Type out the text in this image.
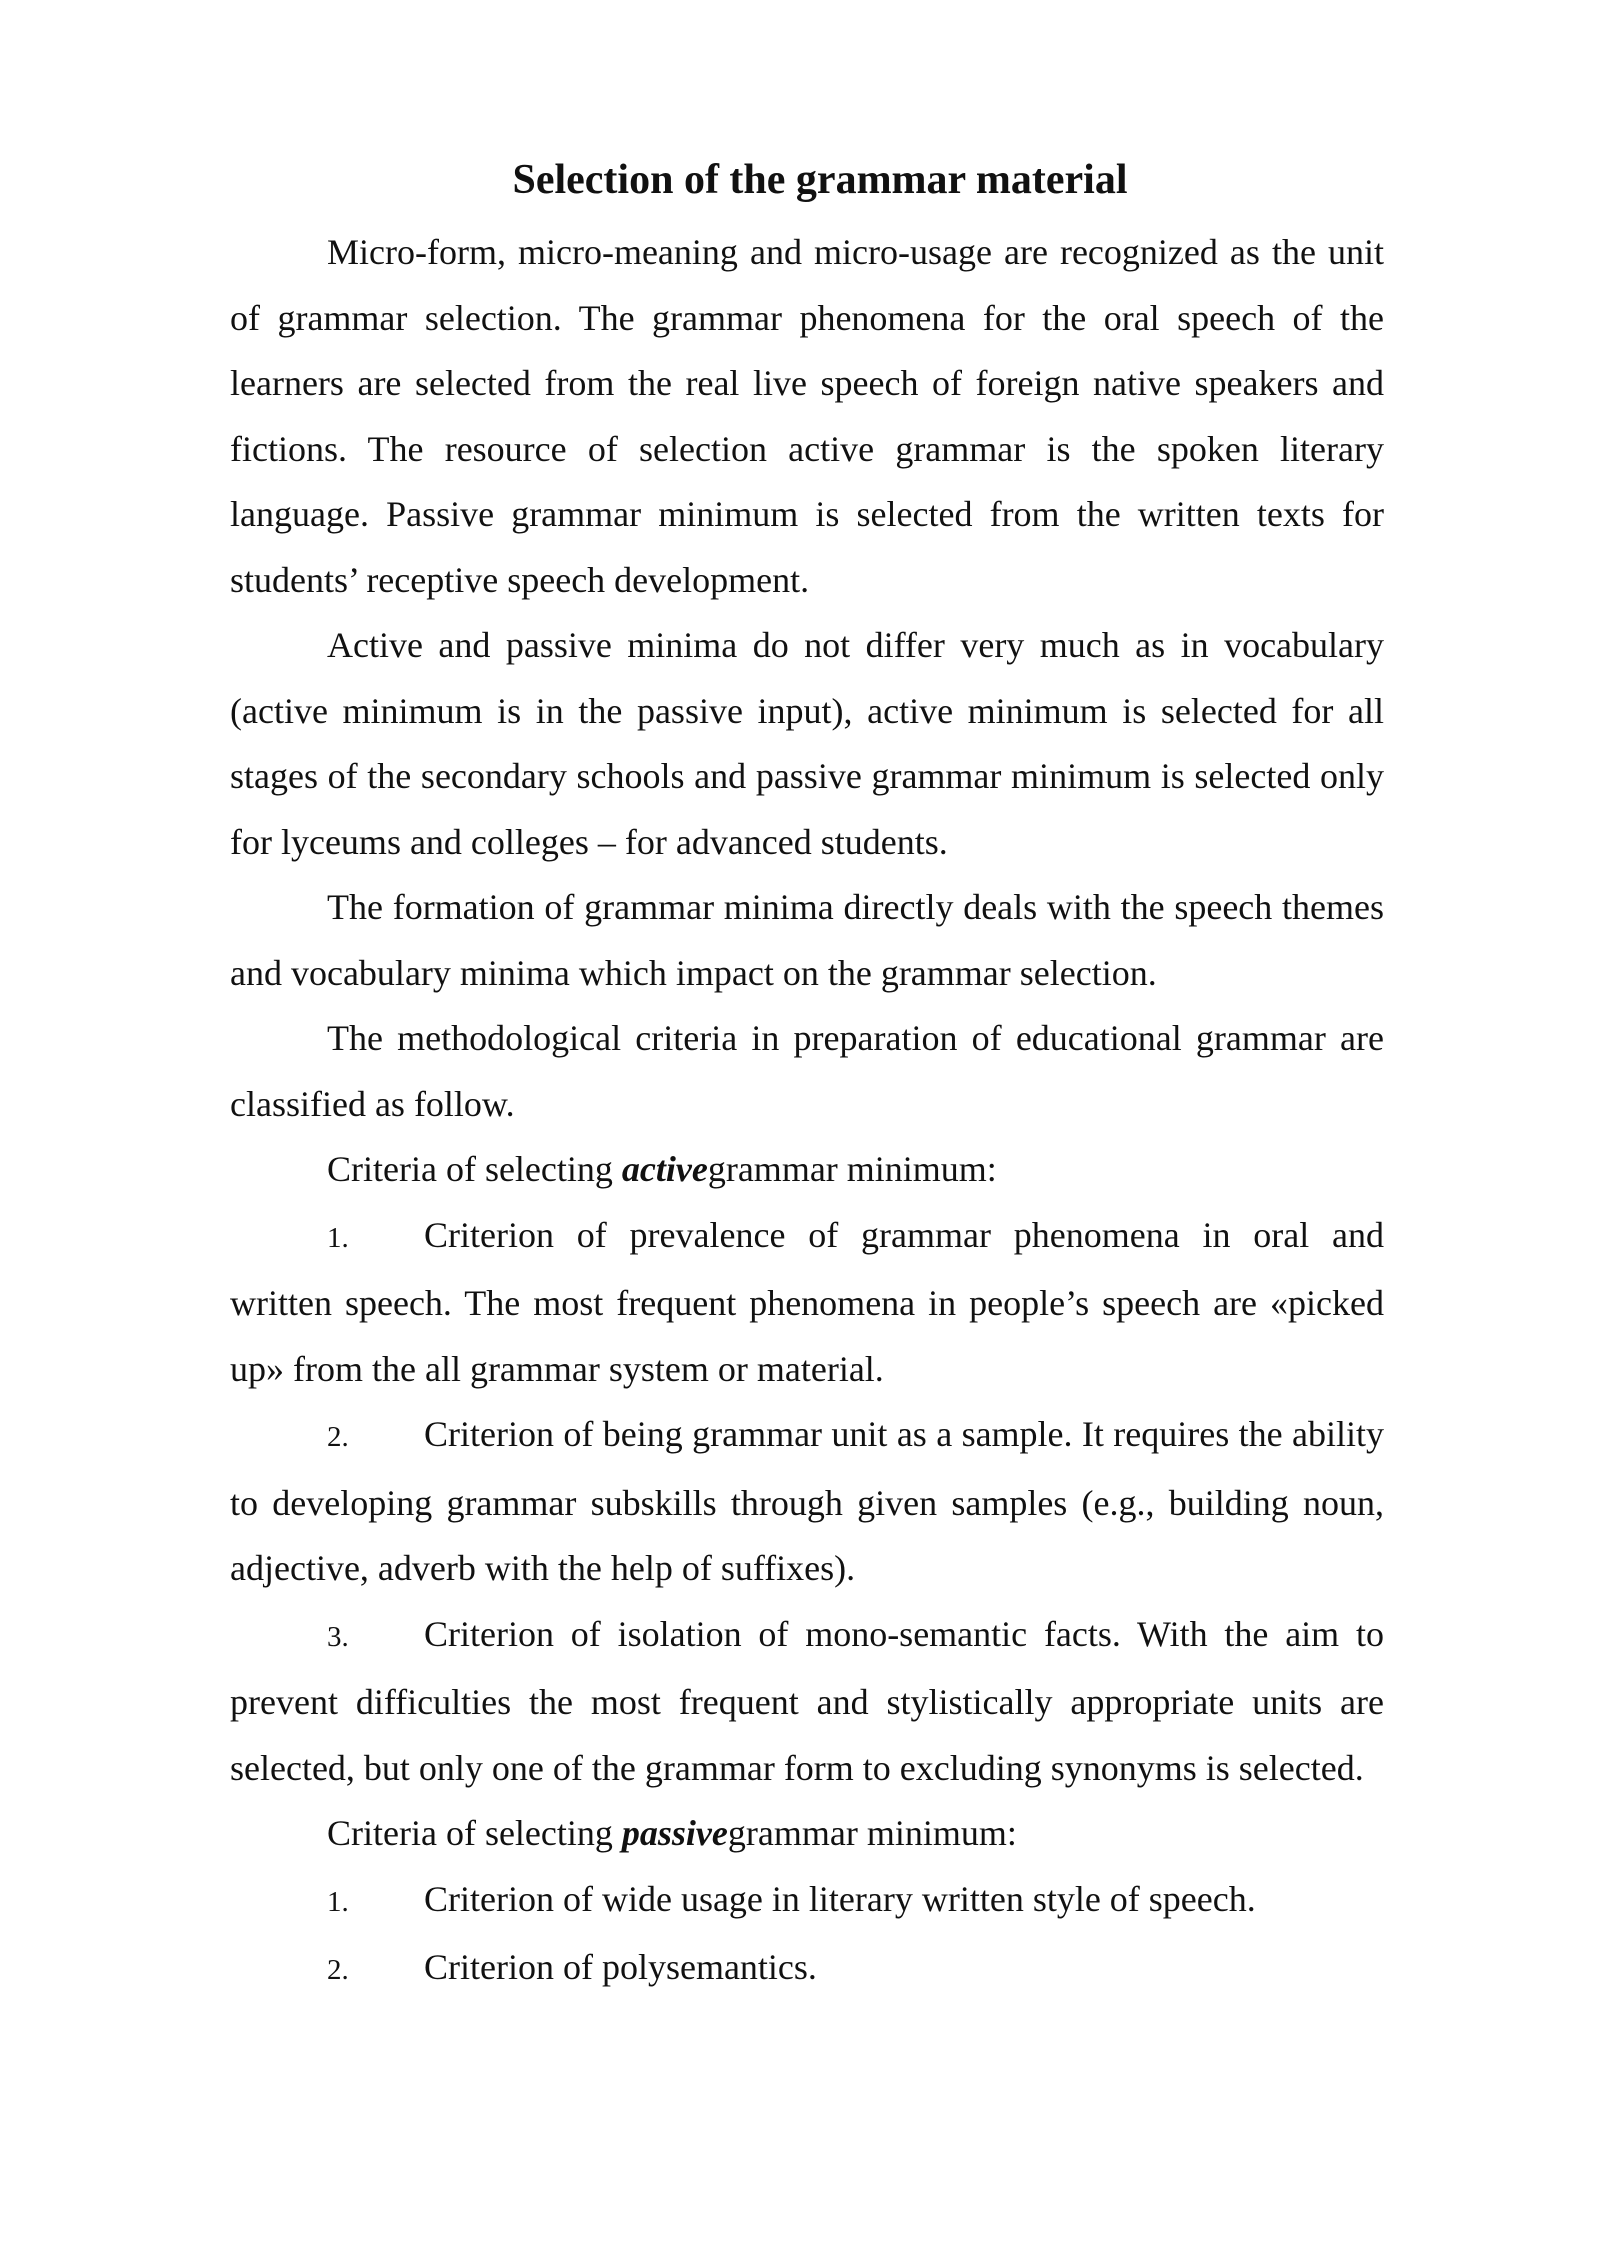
Selection of the grammar material

Micro-form, micro-meaning and micro-usage are recognized as the unit of grammar selection. The grammar phenomena for the oral speech of the learners are selected from the real live speech of foreign native speakers and fictions. The resource of selection active grammar is the spoken literary language. Passive grammar minimum is selected from the written texts for students’ receptive speech development.

Active and passive minima do not differ very much as in vocabulary (active minimum is in the passive input), active minimum is selected for all stages of the secondary schools and passive grammar minimum is selected only for lyceums and colleges – for advanced students.

The formation of grammar minima directly deals with the speech themes and vocabulary minima which impact on the grammar selection.

The methodological criteria in preparation of educational grammar are classified as follow.

Criteria of selecting activegrammar minimum:

1. Criterion of prevalence of grammar phenomena in oral and written speech. The most frequent phenomena in people’s speech are «picked up» from the all grammar system or material.

2. Criterion of being grammar unit as a sample. It requires the ability to developing grammar subskills through given samples (e.g., building noun, adjective, adverb with the help of suffixes).

3. Criterion of isolation of mono-semantic facts. With the aim to prevent difficulties the most frequent and stylistically appropriate units are selected, but only one of the grammar form to excluding synonyms is selected.

Criteria of selecting passivegrammar minimum:

1. Criterion of wide usage in literary written style of speech.

2. Criterion of polysemantics.
